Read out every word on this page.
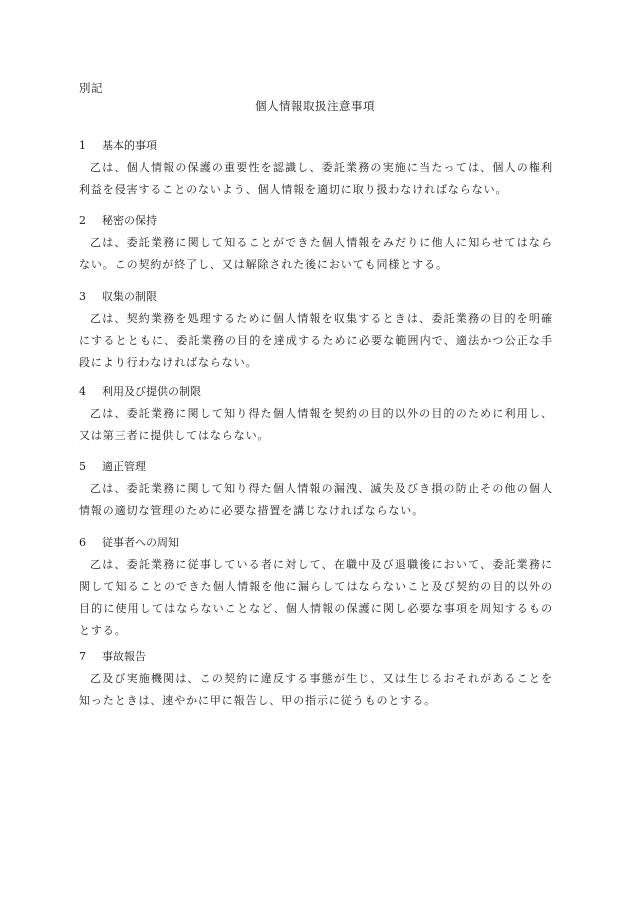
別記
個人情報取扱注意事項
1 基本的事項
乙は、個人情報の保護の重要性を認識し、委託業務の実施に当たっては、個人の権利利益を侵害することのないよう、個人情報を適切に取り扱わなければならない。
2 秘密の保持
乙は、委託業務に関して知ることができた個人情報をみだりに他人に知らせてはならない。この契約が終了し、又は解除された後においても同様とする。
3 収集の制限
乙は、契約業務を処理するために個人情報を収集するときは、委託業務の目的を明確にするとともに、委託業務の目的を達成するために必要な範囲内で、適法かつ公正な手段により行わなければならない。
4 利用及び提供の制限
乙は、委託業務に関して知り得た個人情報を契約の目的以外の目的のために利用し、又は第三者に提供してはならない。
5 適正管理
乙は、委託業務に関して知り得た個人情報の漏洩、滅失及びき損の防止その他の個人情報の適切な管理のために必要な措置を講じなければならない。
6 従事者への周知
乙は、委託業務に従事している者に対して、在職中及び退職後において、委託業務に関して知ることのできた個人情報を他に漏らしてはならないこと及び契約の目的以外の目的に使用してはならないことなど、個人情報の保護に関し必要な事項を周知するものとする。
7 事故報告
乙及び実施機関は、この契約に違反する事態が生じ、又は生じるおそれがあることを知ったときは、速やかに甲に報告し、甲の指示に従うものとする。
